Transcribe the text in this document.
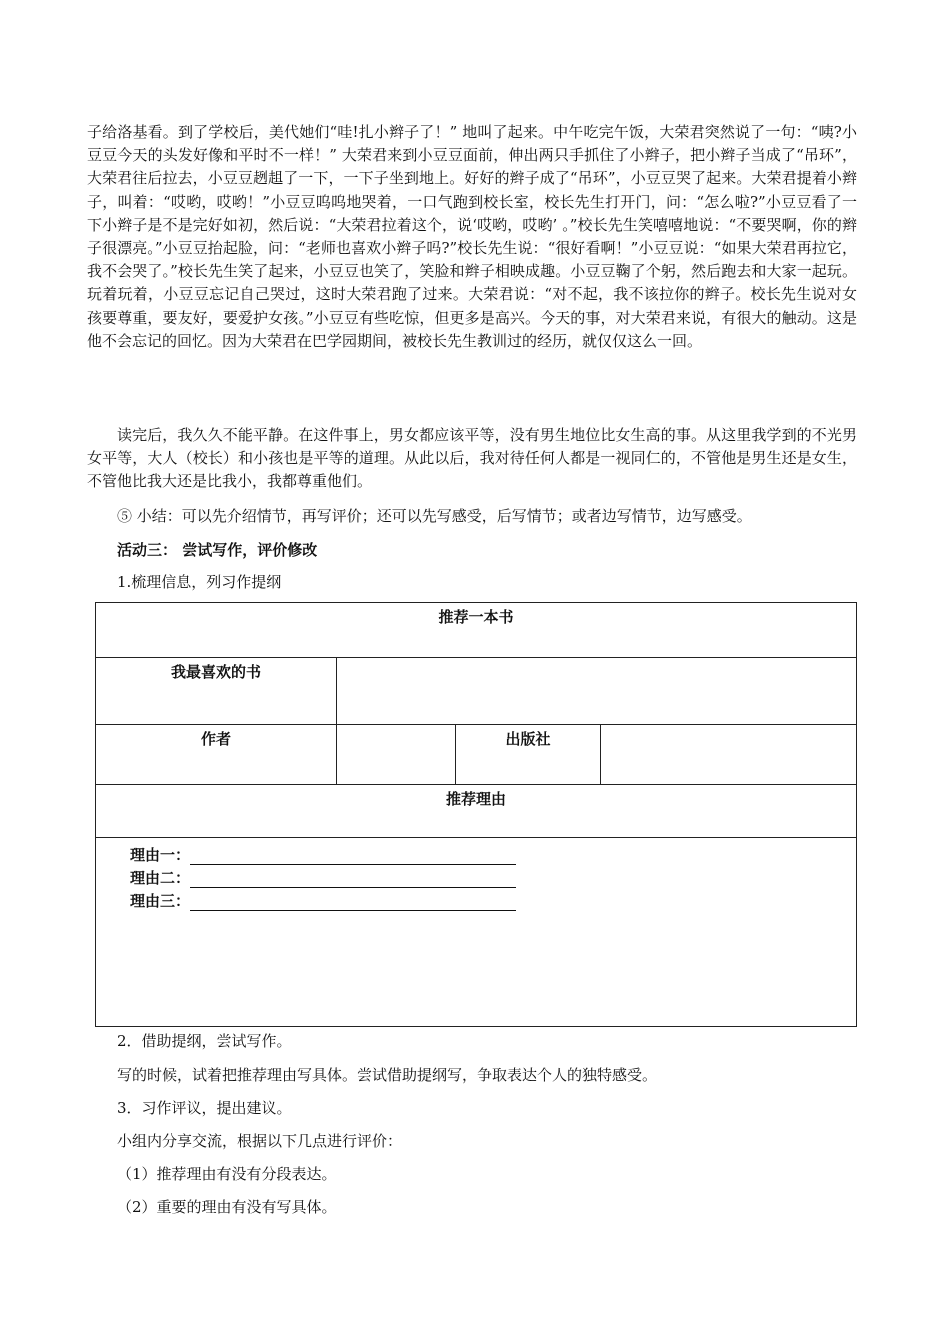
子给洛基看。到了学校后，美代她们“哇!扎小辫子了！” 地叫了起来。中午吃完午饭，大荣君突然说了一句：“咦?小豆豆今天的头发好像和平时不一样！” 大荣君来到小豆豆面前，伸出两只手抓住了小辫子，把小辫子当成了“吊环”，大荣君往后拉去，小豆豆趔趄了一下，一下子坐到地上。好好的辫子成了“吊环”，小豆豆哭了起来。大荣君提着小辫子，叫着：“哎哟，哎哟！”小豆豆呜呜地哭着，一口气跑到校长室，校长先生打开门，问：“怎么啦?”小豆豆看了一下小辫子是不是完好如初，然后说：“大荣君拉着这个，说‘哎哟，哎哟’ 。”校长先生笑嘻嘻地说：“不要哭啊，你的辫子很漂亮。”小豆豆抬起脸，问：“老师也喜欢小辫子吗?”校长先生说：“很好看啊！”小豆豆说：“如果大荣君再拉它，我不会哭了。”校长先生笑了起来，小豆豆也笑了，笑脸和辫子相映成趣。小豆豆鞠了个躬，然后跑去和大家一起玩。玩着玩着，小豆豆忘记自己哭过，这时大荣君跑了过来。大荣君说：“对不起，我不该拉你的辫子。校长先生说对女孩要尊重，要友好，要爱护女孩。”小豆豆有些吃惊，但更多是高兴。今天的事，对大荣君来说，有很大的触动。这是他不会忘记的回忆。因为大荣君在巴学园期间，被校长先生教训过的经历，就仅仅这么一回。

读完后，我久久不能平静。在这件事上，男女都应该平等，没有男生地位比女生高的事。从这里我学到的不光男女平等，大人（校长）和小孩也是平等的道理。从此以后，我对待任何人都是一视同仁的，不管他是男生还是女生，不管他比我大还是比我小，我都尊重他们。

⑤ 小结：可以先介绍情节，再写评价；还可以先写感受，后写情节；或者边写情节，边写感受。

活动三： 尝试写作，评价修改

1.梳理信息，列习作提纲

推荐一本书			
我最喜欢的书			
作者		出版社	
推荐理由			

理由一：
理由二：
理由三：			

2．借助提纲，尝试写作。

写的时候，试着把推荐理由写具体。尝试借助提纲写，争取表达个人的独特感受。

3．习作评议，提出建议。

小组内分享交流，根据以下几点进行评价：

（1）推荐理由有没有分段表达。

（2）重要的理由有没有写具体。
